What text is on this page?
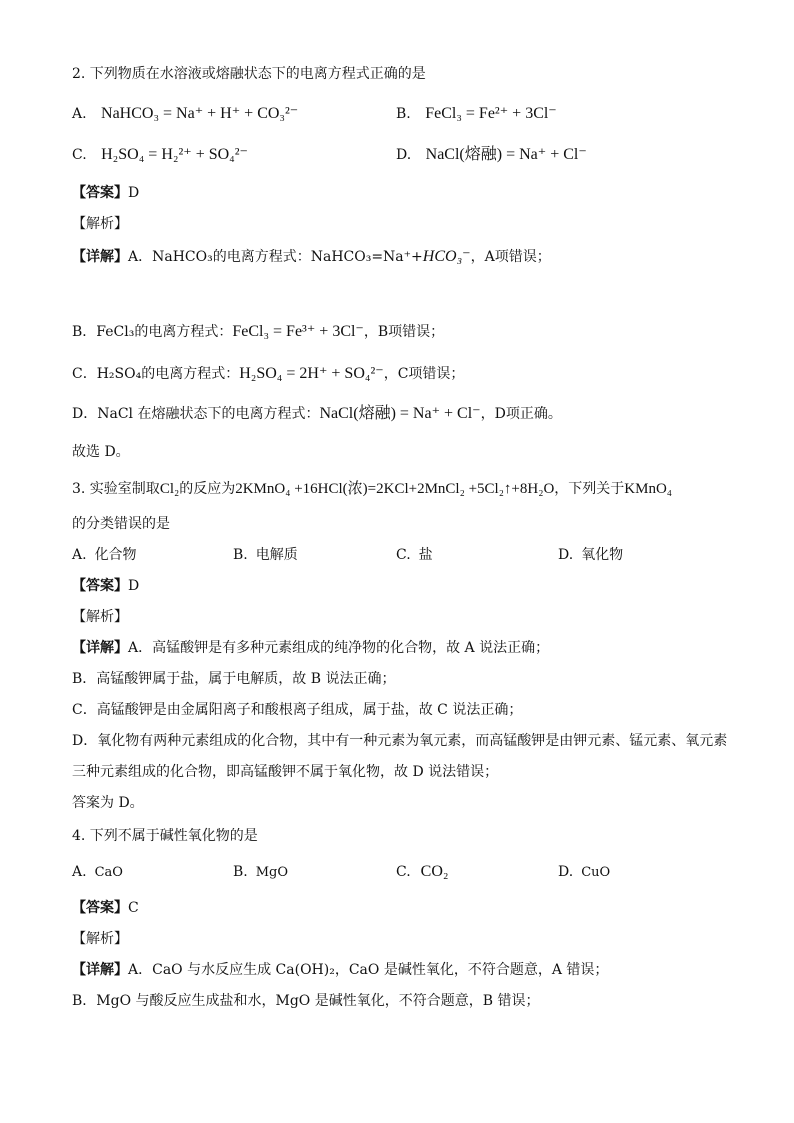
2. 下列物质在水溶液或熔融状态下的电离方程式正确的是
A. NaHCO₃ = Na⁺ + H⁺ + CO₃²⁻	B. FeCl₃ = Fe²⁺ + 3Cl⁻
C. H₂SO₄ = H₂²⁺ + SO₄²⁻	D. NaCl(熔融) = Na⁺ + Cl⁻
【答案】D
【解析】
【详解】A．NaHCO₃的电离方程式：NaHCO₃=Na⁺+HCO₃⁻，A项错误；
B．FeCl₃的电离方程式：FeCl₃ = Fe³⁺ + 3Cl⁻，B项错误；
C．H₂SO₄的电离方程式：H₂SO₄ = 2H⁺ + SO₄²⁻，C项错误；
D．NaCl 在熔融状态下的电离方程式：NaCl(熔融) = Na⁺ + Cl⁻，D项正确。
故选 D。
3. 实验室制取Cl₂的反应为2KMnO₄ +16HCl(浓)=2KCl+2MnCl₂ +5Cl₂↑+8H₂O，下列关于KMnO₄
的分类错误的是
A. 化合物	B. 电解质	C. 盐	D. 氧化物
【答案】D
【解析】
【详解】A．高锰酸钾是有多种元素组成的纯净物的化合物，故 A 说法正确；
B．高锰酸钾属于盐，属于电解质，故 B 说法正确；
C．高锰酸钾是由金属阳离子和酸根离子组成，属于盐，故 C 说法正确；
D．氧化物有两种元素组成的化合物，其中有一种元素为氧元素，而高锰酸钾是由钾元素、锰元素、氧元素
三种元素组成的化合物，即高锰酸钾不属于氧化物，故 D 说法错误；
答案为 D。
4. 下列不属于碱性氧化物的是
A. CaO	B. MgO	C. CO₂	D. CuO
【答案】C
【解析】
【详解】A．CaO 与水反应生成 Ca(OH)₂，CaO 是碱性氧化，不符合题意，A 错误；
B．MgO 与酸反应生成盐和水，MgO 是碱性氧化，不符合题意，B 错误；
